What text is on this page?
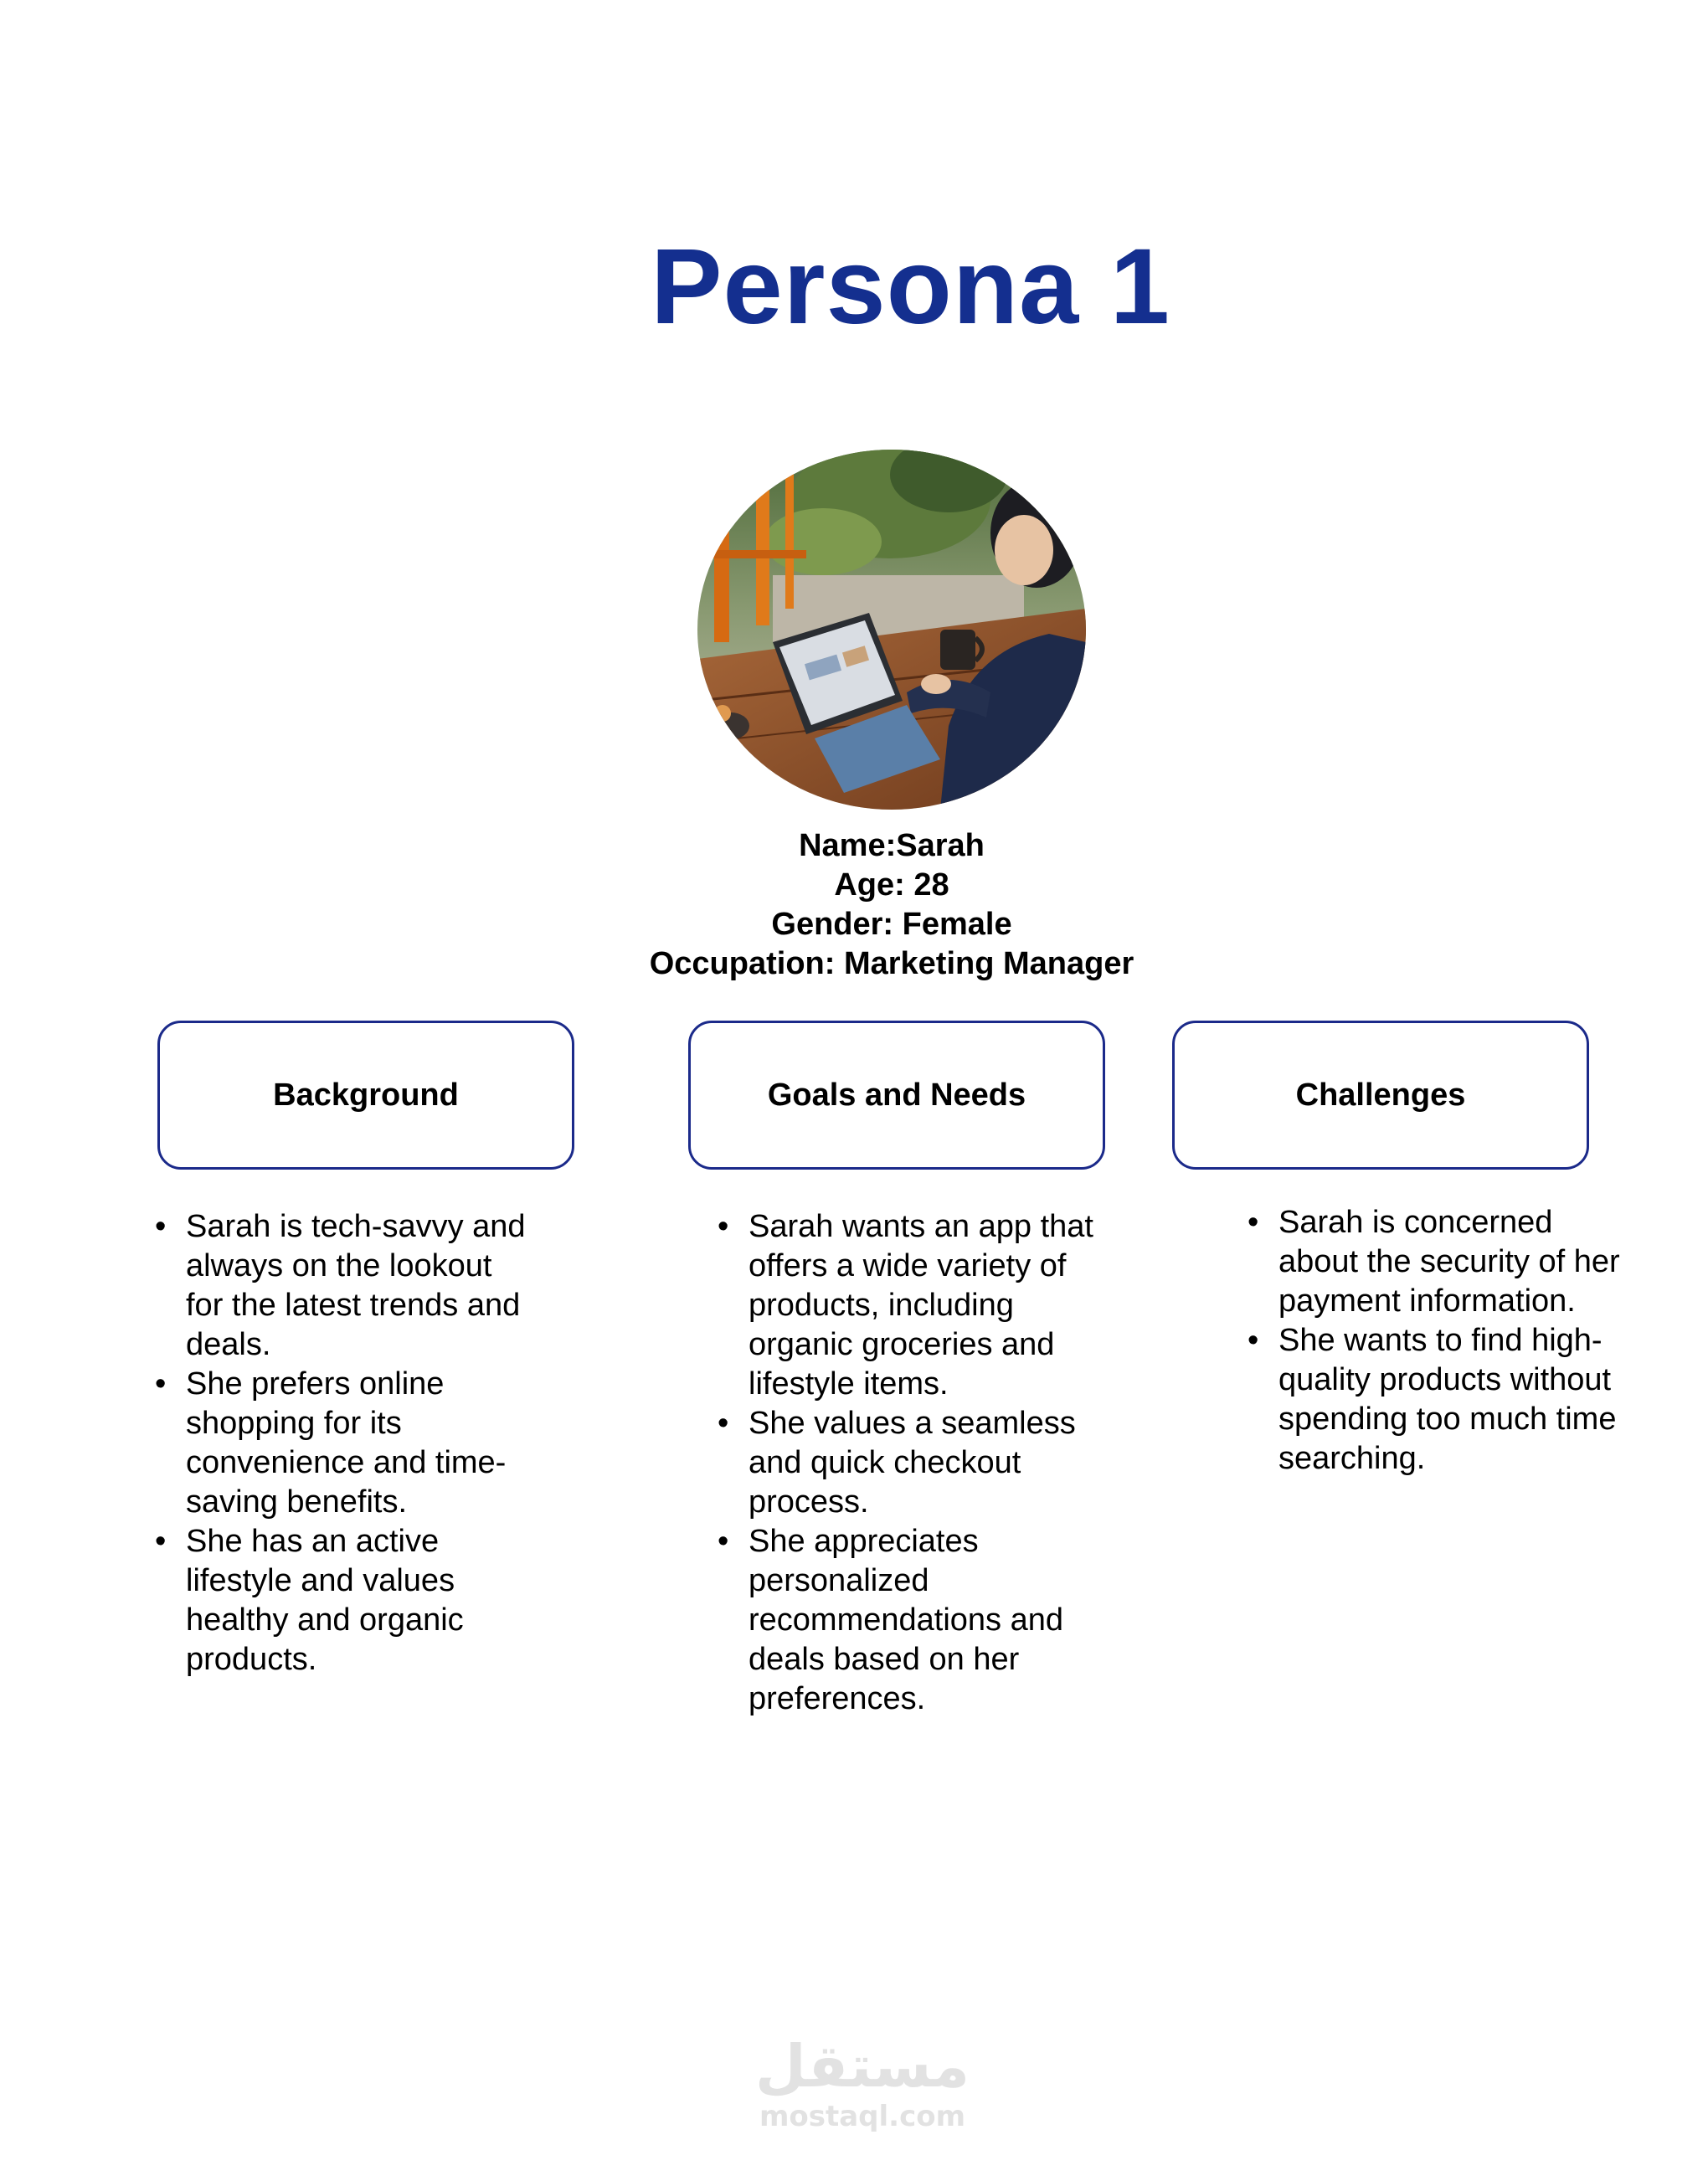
Persona 1
Name:Sarah
Age: 28
Gender: Female
Occupation: Marketing Manager
Background	Goals and Needs	Challenges
• Sarah is tech-savvy and always on the lookout for the latest trends and deals.
• She prefers online shopping for its convenience and time-saving benefits.
• She has an active lifestyle and values healthy and organic products.
• Sarah wants an app that offers a wide variety of products, including organic groceries and lifestyle items.
• She values a seamless and quick checkout process.
• She appreciates personalized recommendations and deals based on her preferences.
• Sarah is concerned about the security of her payment information.
• She wants to find high-quality products without spending too much time searching.
مستقل
mostaql.com
